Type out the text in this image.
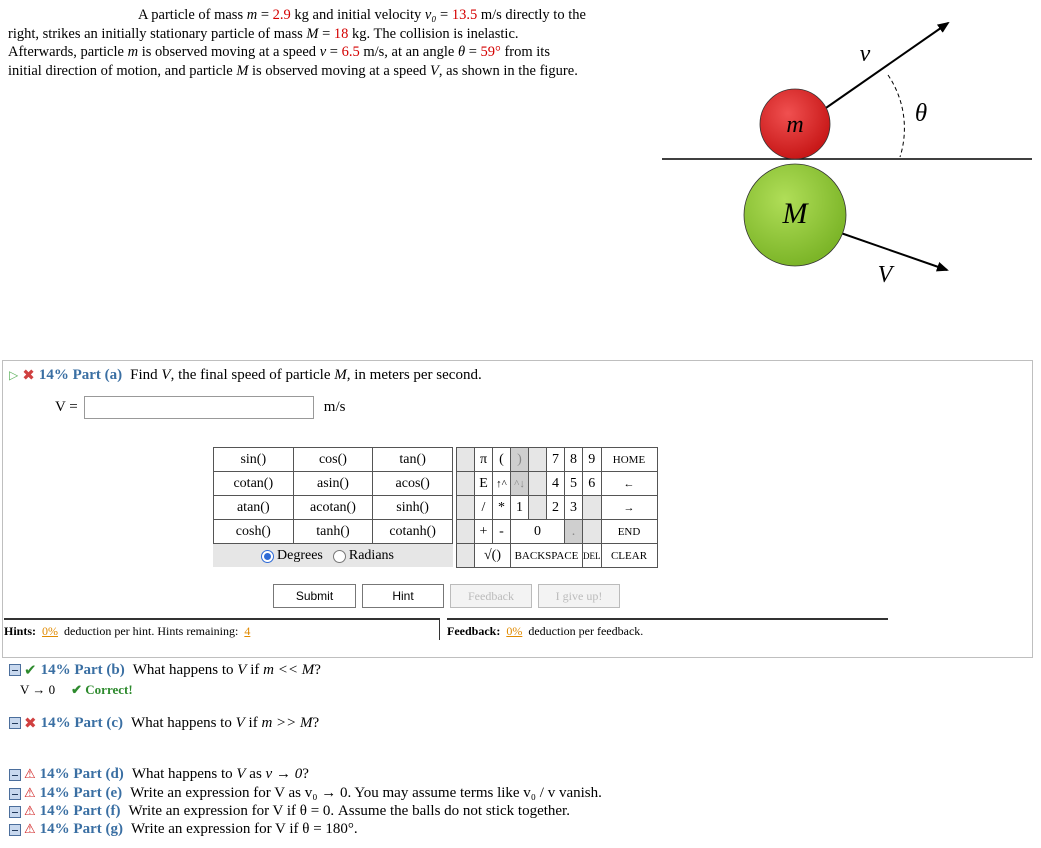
A particle of mass m = 2.9 kg and initial velocity v₀ = 13.5 m/s directly to the
right, strikes an initially stationary particle of mass M = 18 kg. The collision is inelastic.
Afterwards, particle m is observed moving at a speed v = 6.5 m/s, at an angle θ = 59° from its
initial direction of motion, and particle M is observed moving at a speed V, as shown in the figure.
m
M
v
V
θ
▷ ✖ 14% Part (a) Find
V , the final speed of particle
M , in meters per second.
V =	m/s
sin()	cos()	tan()
cotan()	asin()	acos()
atan()	acotan()	sinh()
cosh()	tanh()	cotanh()
Degrees Radians
	π	(	)		7	8	9	HOME
	E	↑^	^↓		4	5	6	←
	/	*	1		2	3		→
	+	-	0			.		END
	√()		BACKSPACE				DEL	CLEAR
Submit	Hint	Feedback	I give up!
Hints: 0% deduction per hint. Hints remaining: 4	Feedback: 0% deduction per feedback.
✔ 14% Part (b) What happens to
V
if
m << M ?
V → 0 ✔ Correct!
✖ 14% Part (c) What happens to
V
if
m >> M ?
⚠ 14% Part (d) What happens to
V
as
v → 0 ?
⚠ 14% Part (e) Write an expression for V as v₀ → 0. You may assume terms like v₀ / v vanish.
⚠ 14% Part (f) Write an expression for V if θ = 0. Assume the balls do not stick together.
⚠ 14% Part (g) Write an expression for V if θ = 180°.
